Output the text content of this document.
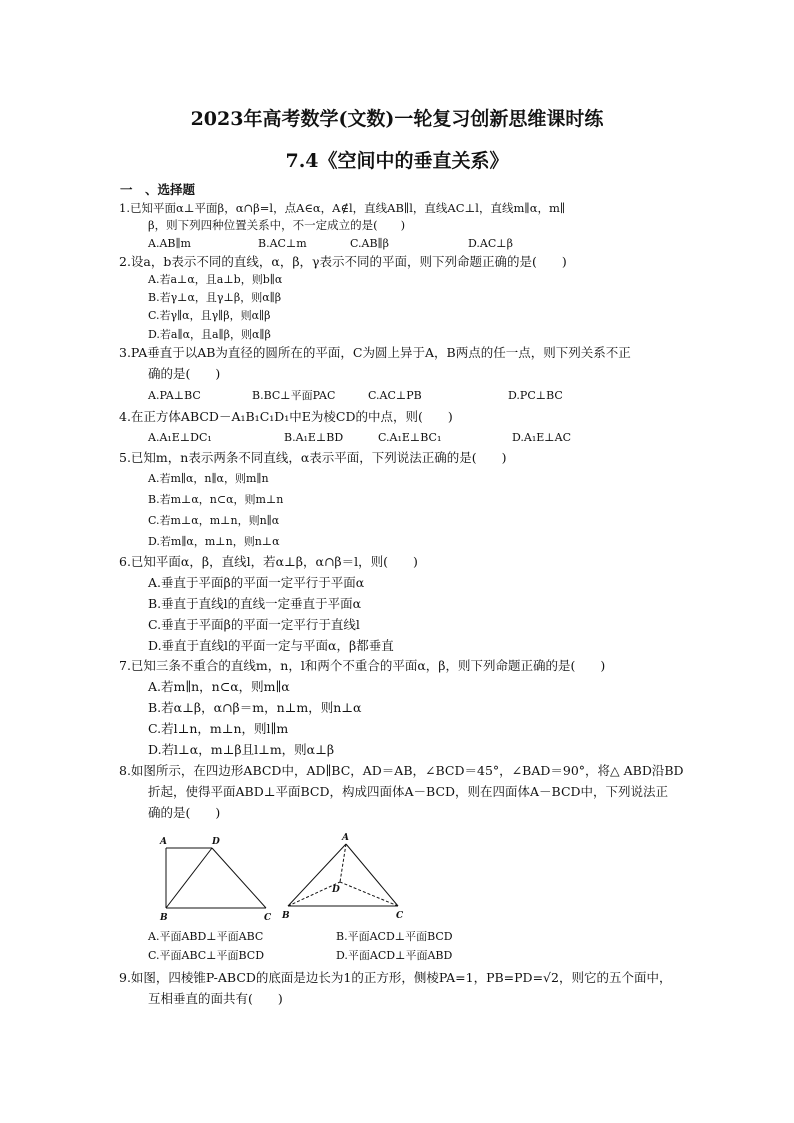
2023年高考数学(文数)一轮复习创新思维课时练
7.4《空间中的垂直关系》
一　、选择题
1.已知平面α⊥平面β，α∩β=l，点A∈α，A∉l，直线AB∥l，直线AC⊥l，直线m∥α，m∥
β，则下列四种位置关系中，不一定成立的是(　　)
A.AB∥m	B.AC⊥m	C.AB∥β	D.AC⊥β
2.设a，b表示不同的直线，α，β，γ表示不同的平面，则下列命题正确的是(　　)
A.若a⊥α，且a⊥b，则b∥α
B.若γ⊥α，且γ⊥β，则α∥β
C.若γ∥α，且γ∥β，则α∥β
D.若a∥α，且a∥β，则α∥β
3.PA垂直于以AB为直径的圆所在的平面，C为圆上异于A，B两点的任一点，则下列关系不正
确的是(　　)
A.PA⊥BC	B.BC⊥平面PAC	C.AC⊥PB	D.PC⊥BC
4.在正方体ABCD－A₁B₁C₁D₁中E为棱CD的中点，则(　　)
A.A₁E⊥DC₁	B.A₁E⊥BD	C.A₁E⊥BC₁	D.A₁E⊥AC
5.已知m，n表示两条不同直线，α表示平面，下列说法正确的是(　　)
A.若m∥α，n∥α，则m∥n
B.若m⊥α，n⊂α，则m⊥n
C.若m⊥α，m⊥n，则n∥α
D.若m∥α，m⊥n，则n⊥α
6.已知平面α，β，直线l，若α⊥β，α∩β＝l，则(　　)
A.垂直于平面β的平面一定平行于平面α
B.垂直于直线l的直线一定垂直于平面α
C.垂直于平面β的平面一定平行于直线l
D.垂直于直线l的平面一定与平面α，β都垂直
7.已知三条不重合的直线m，n，l和两个不重合的平面α，β，则下列命题正确的是(　　)
A.若m∥n，n⊂α，则m∥α
B.若α⊥β，α∩β＝m，n⊥m，则n⊥α
C.若l⊥n，m⊥n，则l∥m
D.若l⊥α，m⊥β且l⊥m，则α⊥β
8.如图所示，在四边形ABCD中，AD∥BC，AD＝AB，∠BCD＝45°，∠BAD＝90°，将△ ABD沿BD
折起，使得平面ABD⊥平面BCD，构成四面体A－BCD，则在四面体A－BCD中，下列说法正
确的是(　　)
A	D
B	C
A
D
B	C
A.平面ABD⊥平面ABC	B.平面ACD⊥平面BCD
C.平面ABC⊥平面BCD	D.平面ACD⊥平面ABD
9.如图，四棱锥P-ABCD的底面是边长为1的正方形，侧棱PA=1，PB=PD=√2，则它的五个面中，
互相垂直的面共有(　　)
